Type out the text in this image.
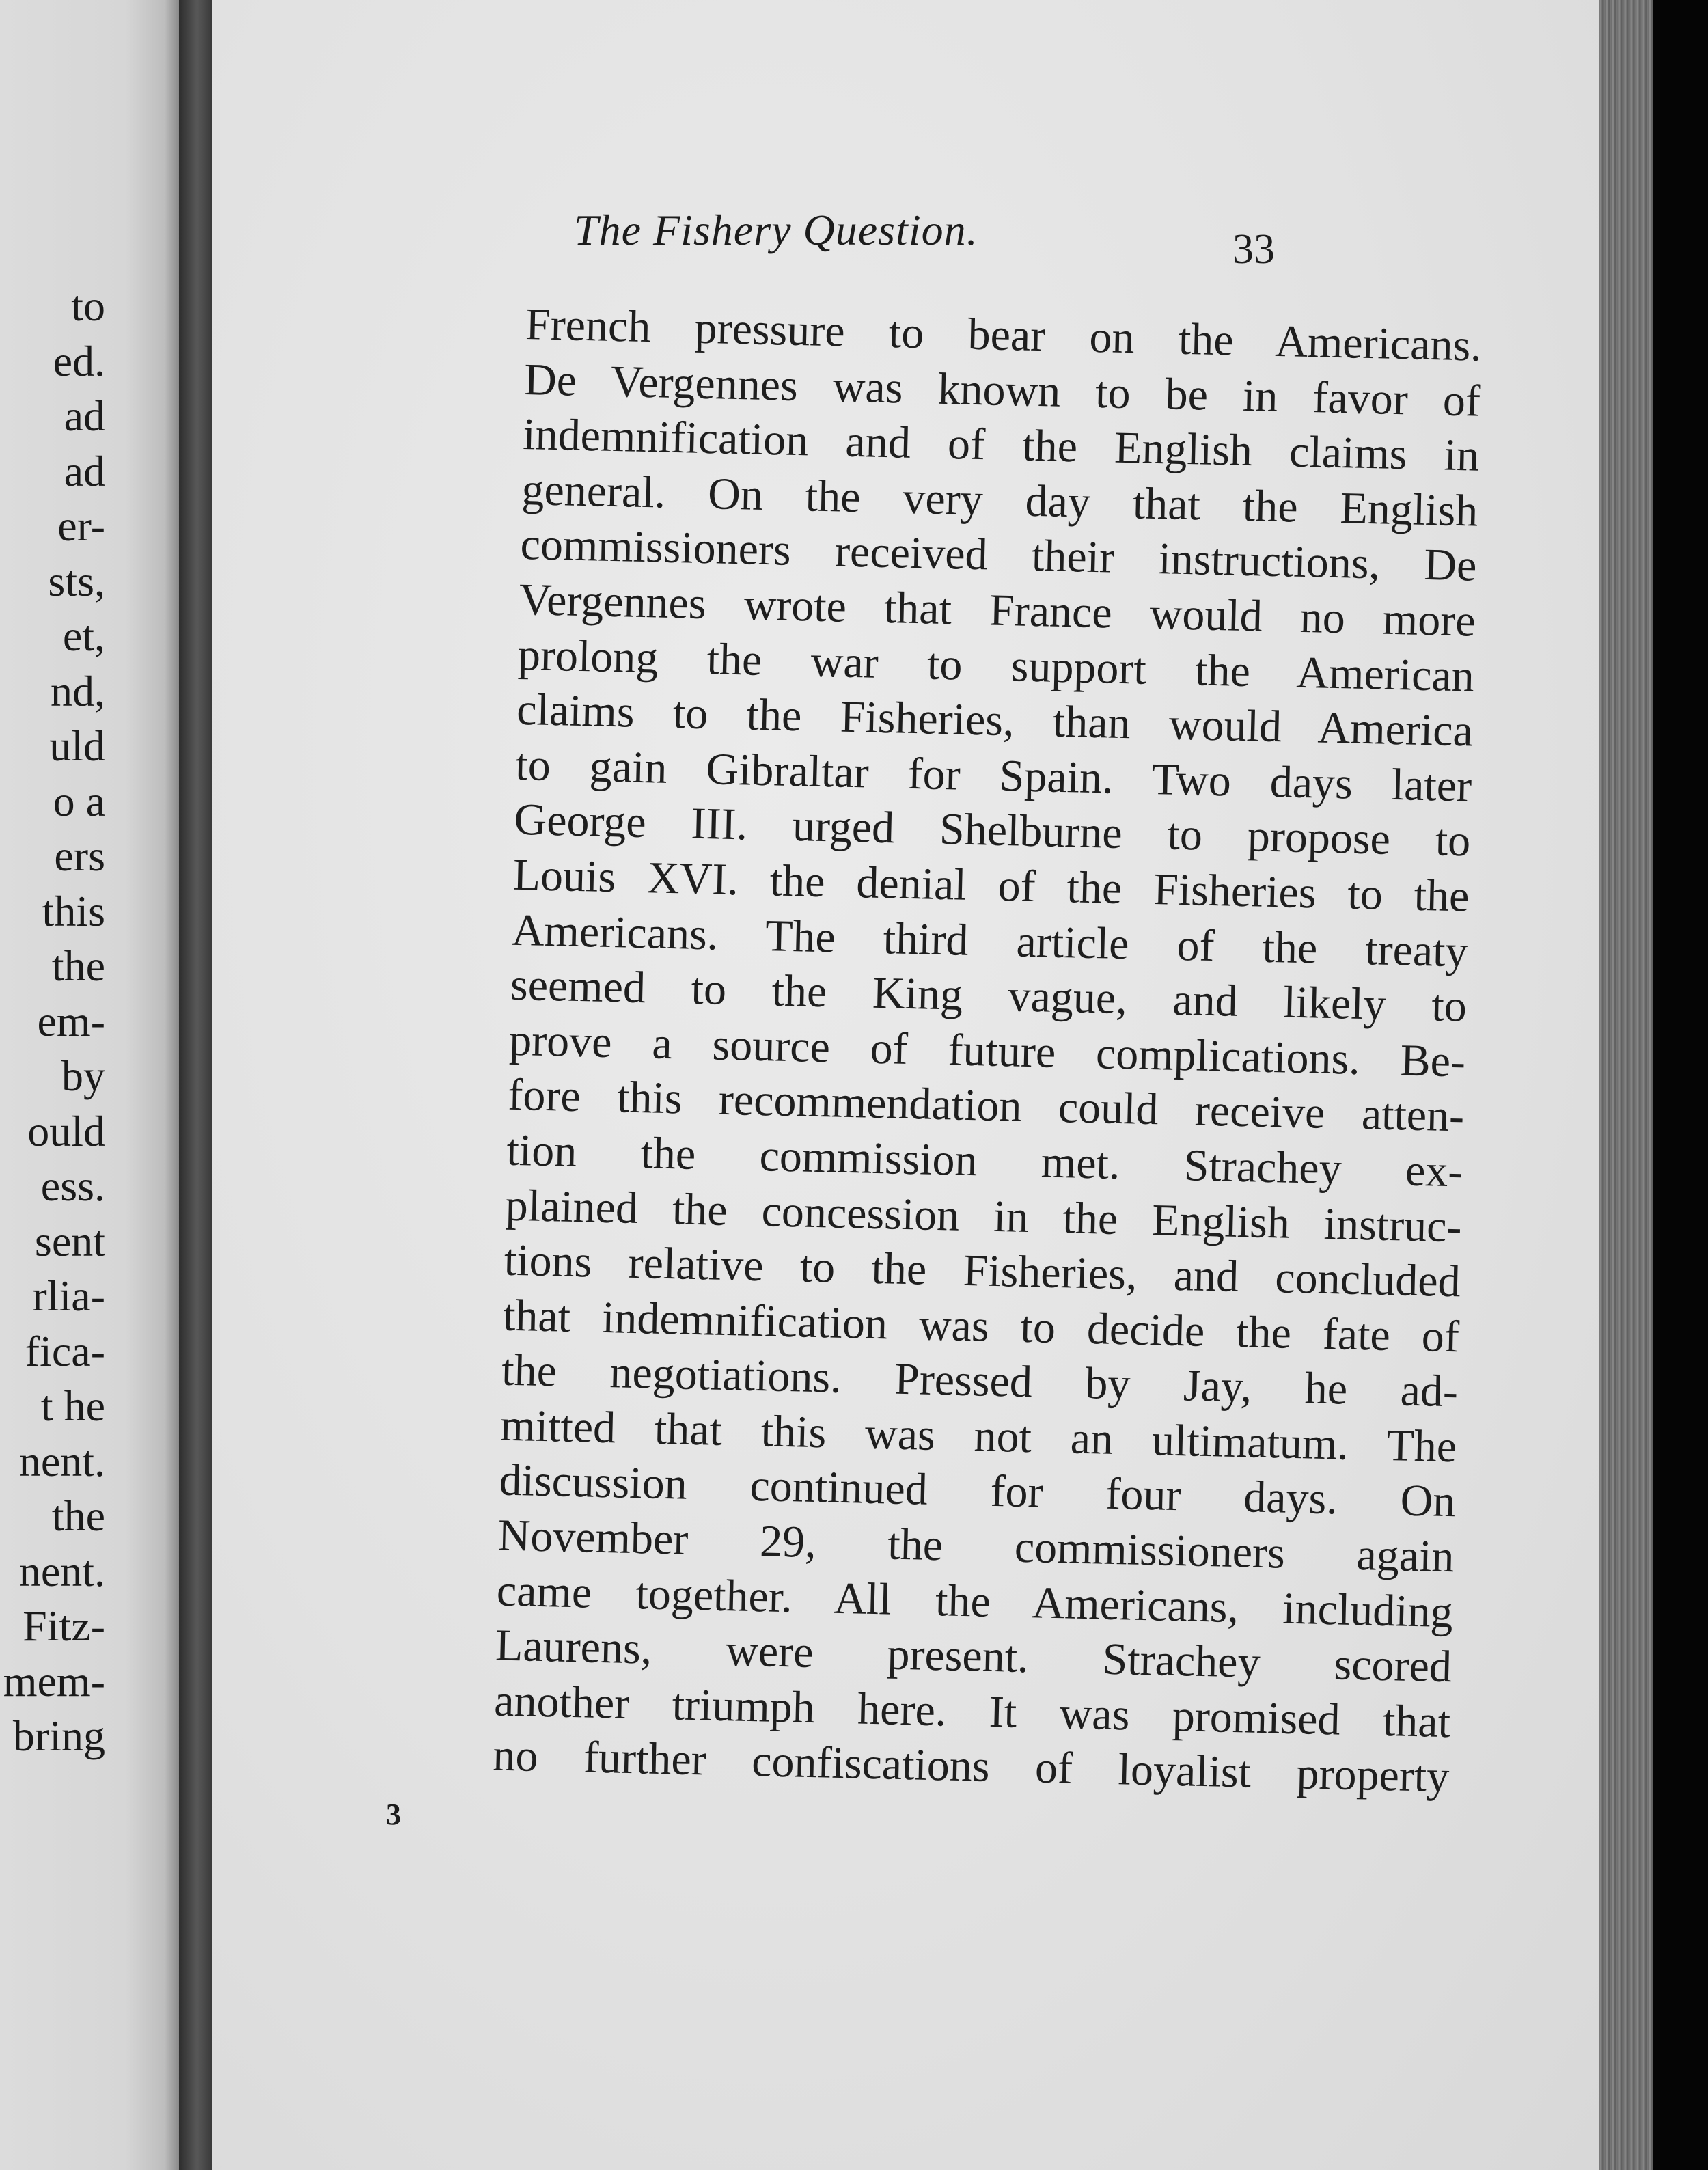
to
ed.
ad
ad
er-
sts,
et,
nd,
uld
o a
ers
this
the
em-
by
ould
ess.
sent
rlia-
fica-
t he
nent.
the
nent.
Fitz-
mem-
bring
The Fishery Question.	33
French pressure to bear on the Americans.
De Vergennes was known to be in favor of
indemnification and of the English claims in
general. On the very day that the English
commissioners received their instructions, De
Vergennes wrote that France would no more
prolong the war to support the American
claims to the Fisheries, than would America
to gain Gibraltar for Spain. Two days later
George III. urged Shelburne to propose to
Louis XVI. the denial of the Fisheries to the
Americans. The third article of the treaty
seemed to the King vague, and likely to
prove a source of future complications. Be-
fore this recommendation could receive atten-
tion the commission met. Strachey ex-
plained the concession in the English instruc-
tions relative to the Fisheries, and concluded
that indemnification was to decide the fate of
the negotiations. Pressed by Jay, he ad-
mitted that this was not an ultimatum. The
discussion continued for four days. On
November 29, the commissioners again
came together. All the Americans, including
Laurens, were present. Strachey scored
another triumph here. It was promised that
no further confiscations of loyalist property
3
